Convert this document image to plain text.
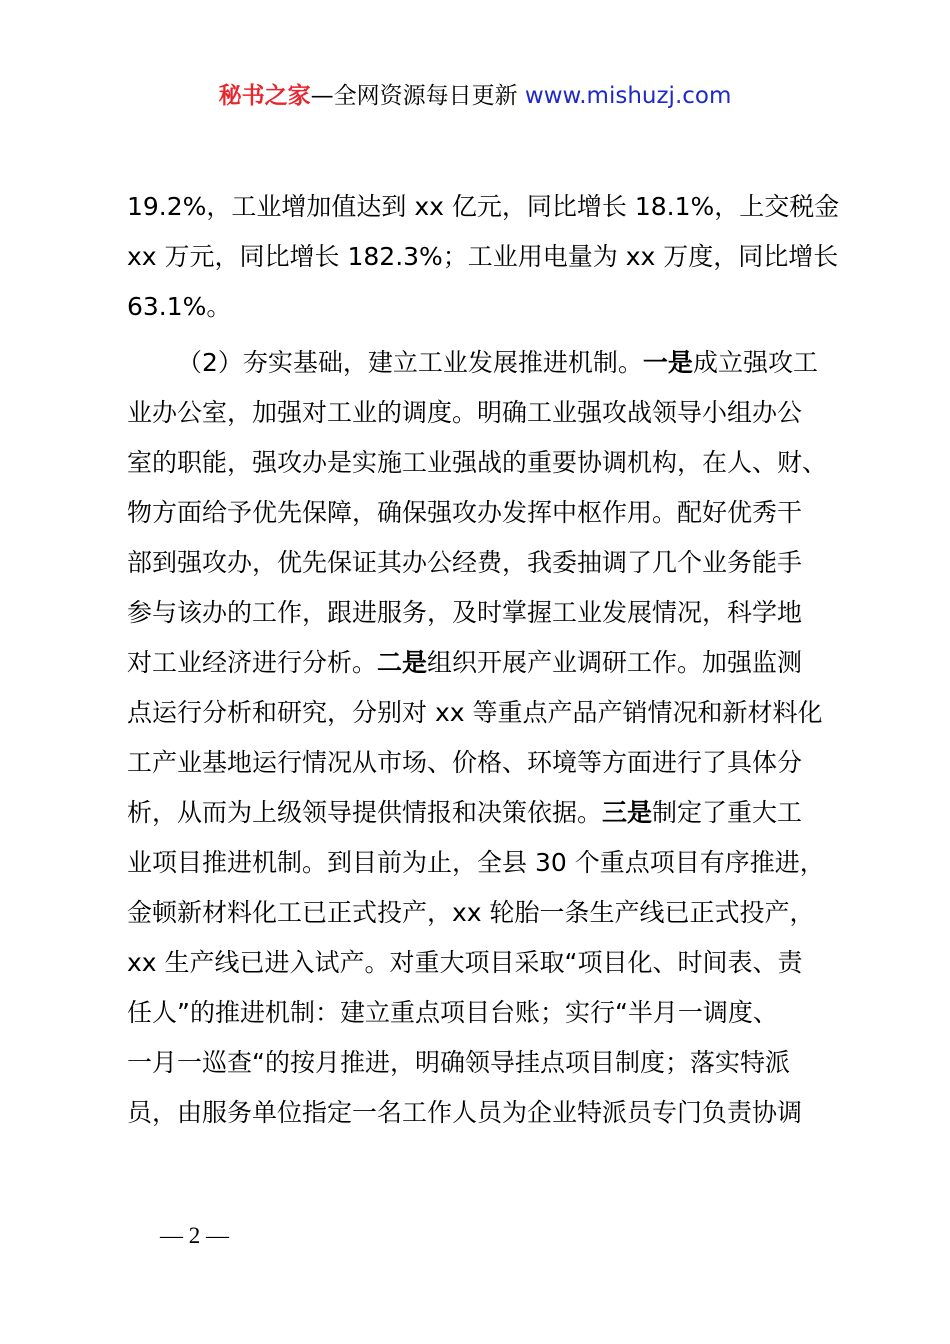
秘书之家—全网资源每日更新 www.mishuzj.com
19.2%，工业增加值达到 xx 亿元，同比增长 18.1%，上交税金
xx 万元，同比增长 182.3%；工业用电量为 xx 万度，同比增长
63.1%。
（2）夯实基础，建立工业发展推进机制。一是成立强攻工
业办公室，加强对工业的调度。明确工业强攻战领导小组办公
室的职能，强攻办是实施工业强战的重要协调机构，在人、财、
物方面给予优先保障，确保强攻办发挥中枢作用。配好优秀干
部到强攻办，优先保证其办公经费，我委抽调了几个业务能手
参与该办的工作，跟进服务，及时掌握工业发展情况，科学地
对工业经济进行分析。二是组织开展产业调研工作。加强监测
点运行分析和研究，分别对 xx 等重点产品产销情况和新材料化
工产业基地运行情况从市场、价格、环境等方面进行了具体分
析，从而为上级领导提供情报和决策依据。三是制定了重大工
业项目推进机制。到目前为止，全县 30 个重点项目有序推进，
金顿新材料化工已正式投产，xx 轮胎一条生产线已正式投产，
xx 生产线已进入试产。对重大项目采取“项目化、时间表、责
任人”的推进机制：建立重点项目台账；实行“半月一调度、
一月一巡查“的按月推进，明确领导挂点项目制度；落实特派
员，由服务单位指定一名工作人员为企业特派员专门负责协调
— 2 —
